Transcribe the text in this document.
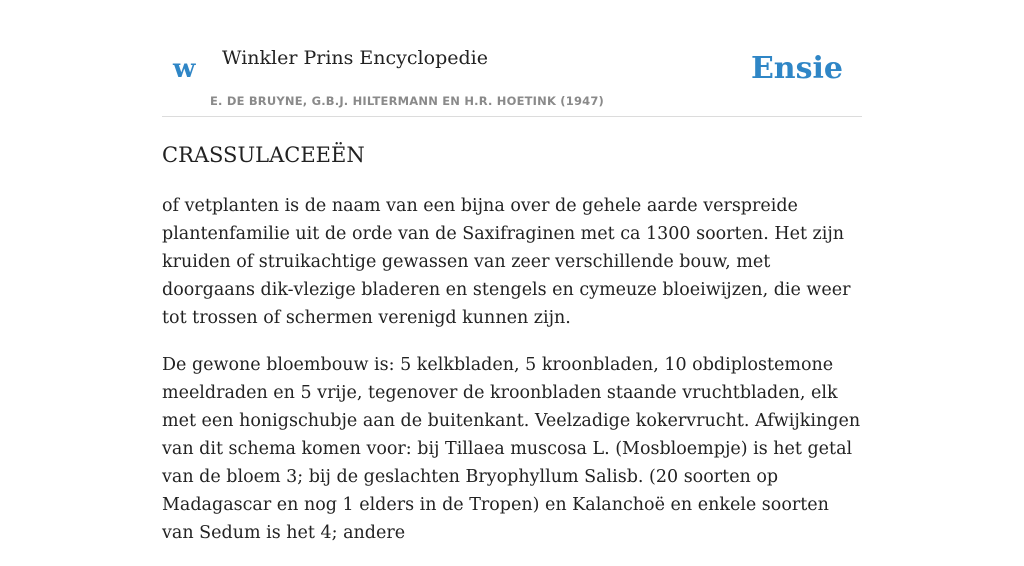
w Winkler Prins Encyclopedie
E. DE BRUYNE, G.B.J. HILTERMANN EN H.R. HOETINK (1947)
Ensie
CRASSULACEEËN

of vetplanten is de naam van een bijna over de gehele aarde verspreide plantenfamilie uit de orde van de Saxifraginen met ca 1300 soorten. Het zijn kruiden of struikachtige gewassen van zeer verschillende bouw, met doorgaans dik-vlezige bladeren en stengels en cymeuze bloeiwijzen, die weer tot trossen of schermen verenigd kunnen zijn.

De gewone bloembouw is: 5 kelkbladen, 5 kroonbladen, 10 obdiplostemone meeldraden en 5 vrije, tegenover de kroonbladen staande vruchtbladen, elk met een honigschubje aan de buitenkant. Veelzadige kokervrucht. Afwijkingen van dit schema komen voor: bij Tillaea muscosa L. (Mosbloempje) is het getal van de bloem 3; bij de geslachten Bryophyllum Salisb. (20 soorten op Madagascar en nog 1 elders in de Tropen) en Kalanchoë en enkele soorten van Sedum is het 4; andere
